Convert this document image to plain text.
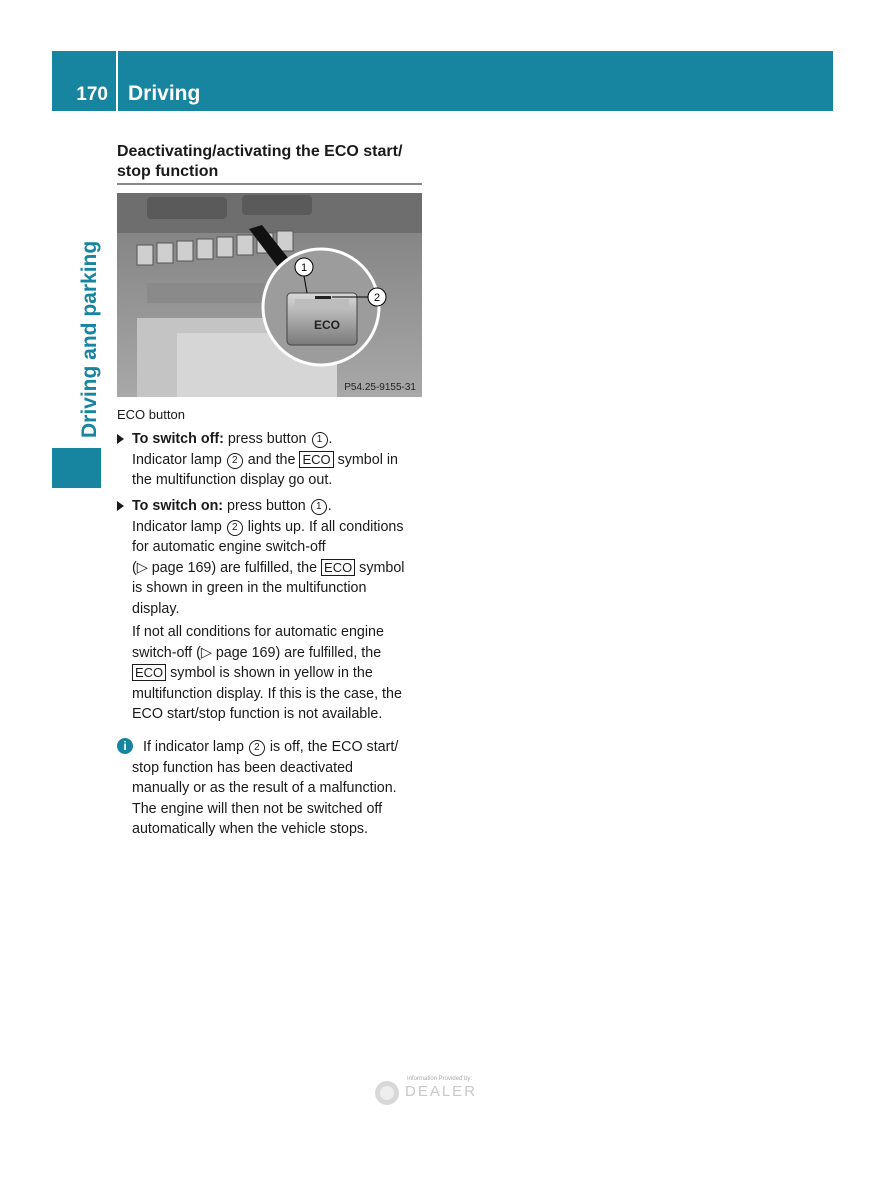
170 Driving
Driving and parking
Deactivating/activating the ECO start/
stop function
ECO
1
2
P54.25-9155-31
ECO button
To switch off: press button 1 .
Indicator lamp 2 and the ECO symbol in
the multifunction display go out.
To switch on: press button 1 .
Indicator lamp 2 lights up. If all conditions
for automatic engine switch-off
(▷ page 169) are fulfilled, the ECO symbol
is shown in green in the multifunction
display.
If not all conditions for automatic engine
switch-off (▷ page 169) are fulfilled, the
ECO symbol is shown in yellow in the
multifunction display. If this is the case, the
ECO start/stop function is not available.
i	If indicator lamp 2 is off, the ECO start/
stop function has been deactivated
manually or as the result of a malfunction.
The engine will then not be switched off
automatically when the vehicle stops.
Information Provided by:
DEALER
